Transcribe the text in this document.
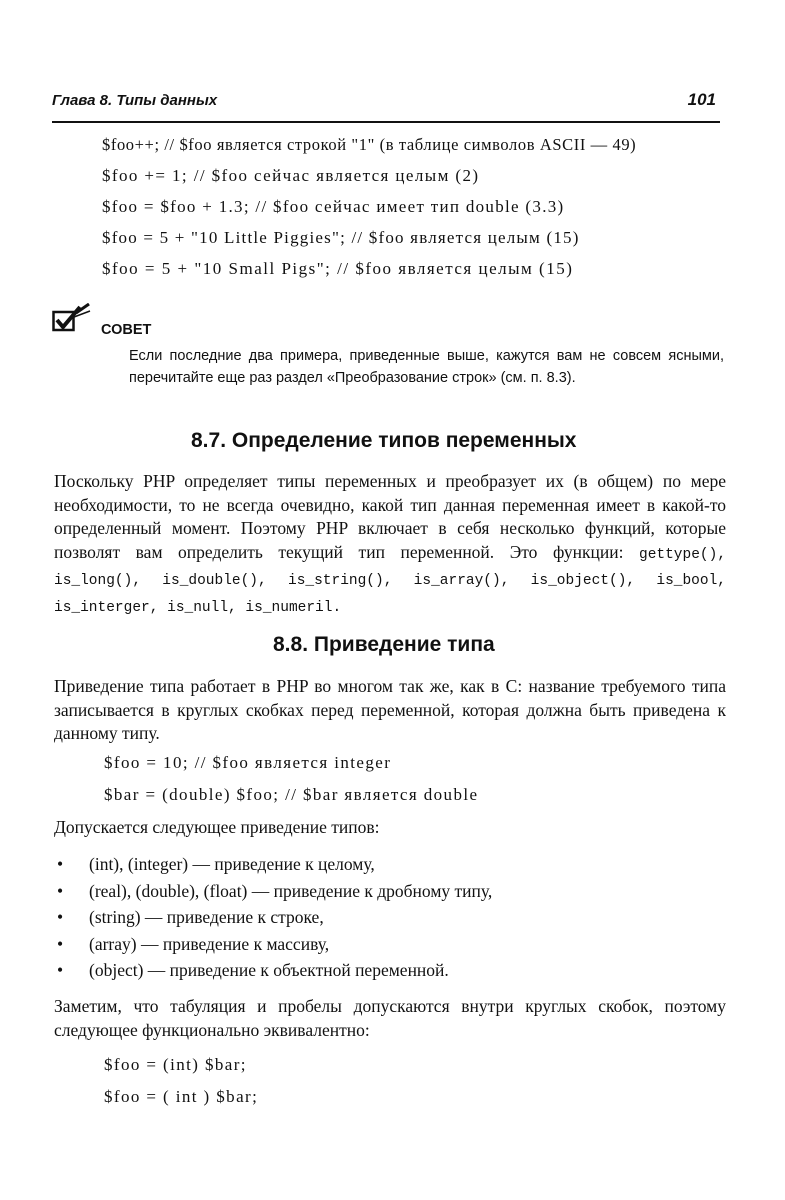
Глава 8. Типы данных	101
$foo++; // $foo является строкой "1" (в таблице символов ASCII — 49)
$foo += 1; // $foo сейчас является целым (2)
$foo = $foo + 1.3; // $foo сейчас имеет тип double (3.3)
$foo = 5 + "10 Little Piggies"; // $foo является целым (15)
$foo = 5 + "10 Small Pigs"; // $foo является целым (15)
СОВЕТ
Если последние два примера, приведенные выше, кажутся вам не совсем ясными, перечитайте еще раз раздел «Преобразование строк» (см. п. 8.3).
8.7. Определение типов переменных
Поскольку PHP определяет типы переменных и преобразует их (в общем) по мере необходимости, то не всегда очевидно, какой тип данная переменная имеет в какой-то определенный момент. Поэтому PHP включает в себя несколько функций, которые позволят вам определить текущий тип переменной. Это функции: gettype(), is_long(), is_double(), is_string(), is_array(), is_object(), is_bool, is_interger, is_null, is_numeril.
8.8. Приведение типа
Приведение типа работает в PHP во многом так же, как в С: название требуемого типа записывается в круглых скобках перед переменной, которая должна быть приведена к данному типу.
$foo = 10; // $foo является integer
$bar = (double) $foo; // $bar является double
Допускается следующее приведение типов:
• (int), (integer) — приведение к целому,
• (real), (double), (float) — приведение к дробному типу,
• (string) — приведение к строке,
• (array) — приведение к массиву,
• (object) — приведение к объектной переменной.
Заметим, что табуляция и пробелы допускаются внутри круглых скобок, поэтому следующее функционально эквивалентно:
$foo = (int) $bar;
$foo = ( int ) $bar;
